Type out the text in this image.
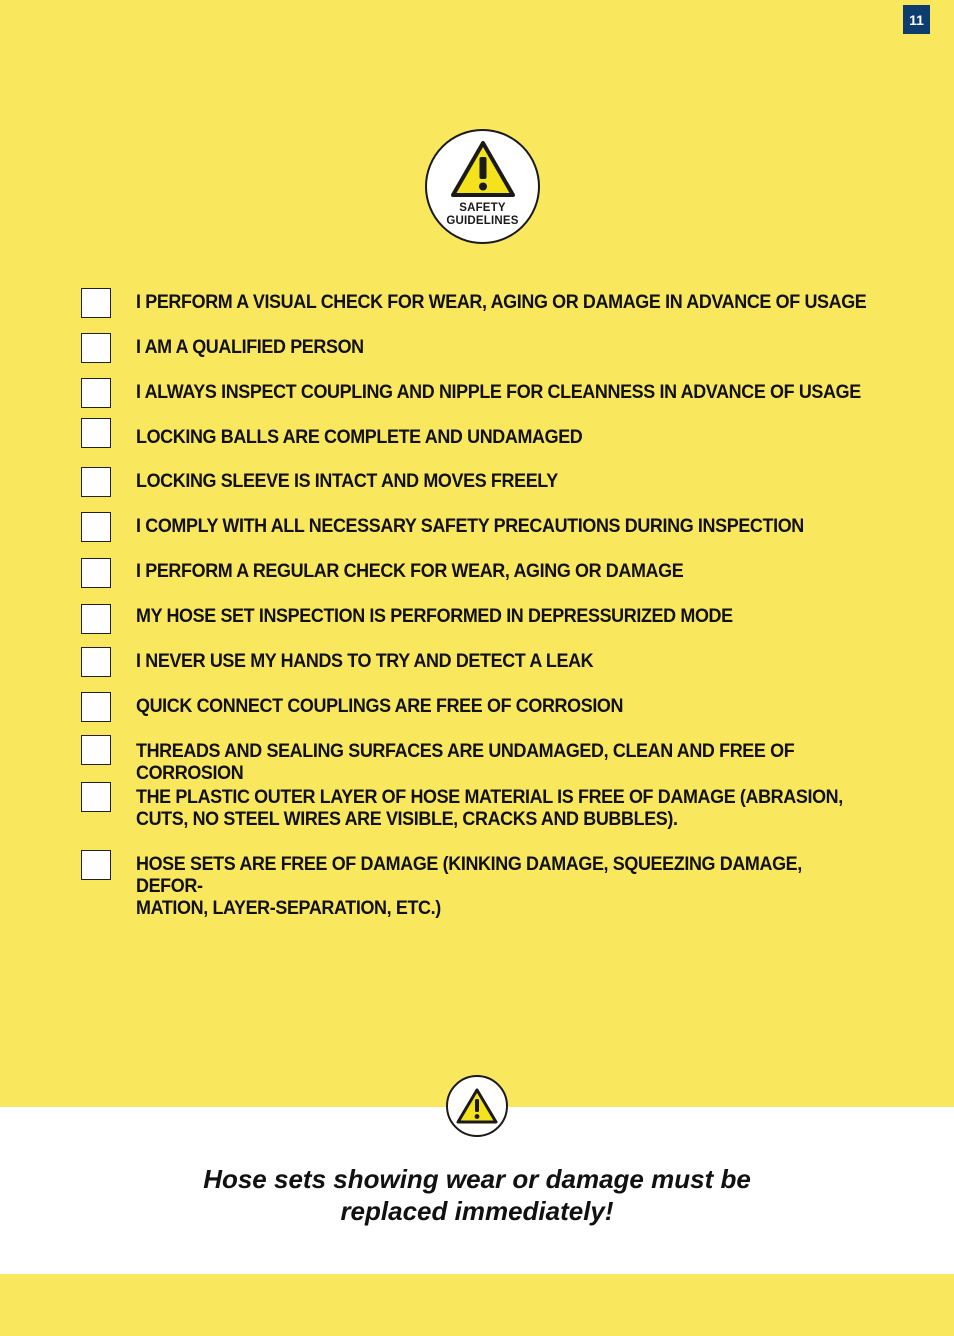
11
SAFETY
GUIDELINES
I PERFORM A VISUAL CHECK FOR WEAR, AGING OR DAMAGE IN ADVANCE OF USAGE
I AM A QUALIFIED PERSON
I ALWAYS INSPECT COUPLING AND NIPPLE FOR CLEANNESS IN ADVANCE OF USAGE
LOCKING BALLS ARE COMPLETE AND UNDAMAGED
LOCKING SLEEVE IS INTACT AND MOVES FREELY
I COMPLY WITH ALL NECESSARY SAFETY PRECAUTIONS DURING INSPECTION
I PERFORM A REGULAR CHECK FOR WEAR, AGING OR DAMAGE
MY HOSE SET INSPECTION IS PERFORMED IN DEPRESSURIZED MODE
I NEVER USE MY HANDS TO TRY AND DETECT A LEAK
QUICK CONNECT COUPLINGS ARE FREE OF CORROSION
THREADS AND SEALING SURFACES ARE UNDAMAGED, CLEAN AND FREE OF CORROSION
THE PLASTIC OUTER LAYER OF HOSE MATERIAL IS FREE OF DAMAGE (ABRASION,
CUTS, NO STEEL WIRES ARE VISIBLE, CRACKS AND BUBBLES).
HOSE SETS ARE FREE OF DAMAGE (KINKING DAMAGE, SQUEEZING DAMAGE, DEFOR-
MATION, LAYER-SEPARATION, ETC.)
Hose sets showing wear or damage must be
replaced immediately!
